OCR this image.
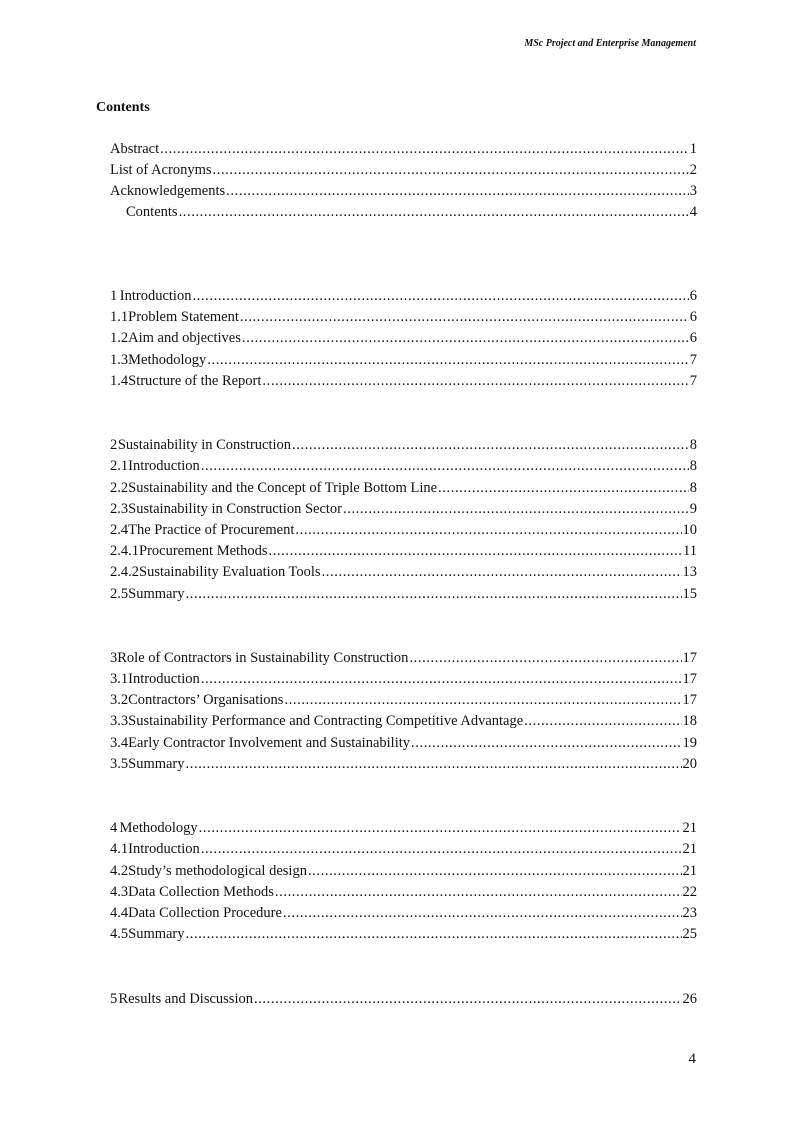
MSc Project and Enterprise Management
Contents
Abstract .....	1
List of Acronyms .....	2
Acknowledgements .....	3
Contents .....	4
1 Introduction .....	6
1.1 Problem Statement .....	6
1.2 Aim and objectives .....	6
1.3 Methodology .....	7
1.4 Structure of the Report .....	7
2 Sustainability in Construction .....	8
2.1 Introduction .....	8
2.2 Sustainability and the Concept of Triple Bottom Line .....	8
2.3 Sustainability in Construction Sector .....	9
2.4 The Practice of Procurement .....	10
2.4.1 Procurement Methods .....	11
2.4.2 Sustainability Evaluation Tools .....	13
2.5 Summary .....	15
3 Role of Contractors in Sustainability Construction .....	17
3.1 Introduction .....	17
3.2 Contractors’ Organisations .....	17
3.3 Sustainability Performance and Contracting Competitive Advantage .....	18
3.4 Early Contractor Involvement and Sustainability .....	19
3.5 Summary .....	20
4 Methodology .....	21
4.1 Introduction .....	21
4.2 Study’s methodological design .....	21
4.3 Data Collection Methods .....	22
4.4 Data Collection Procedure .....	23
4.5 Summary .....	25
5 Results and Discussion .....	26
4
